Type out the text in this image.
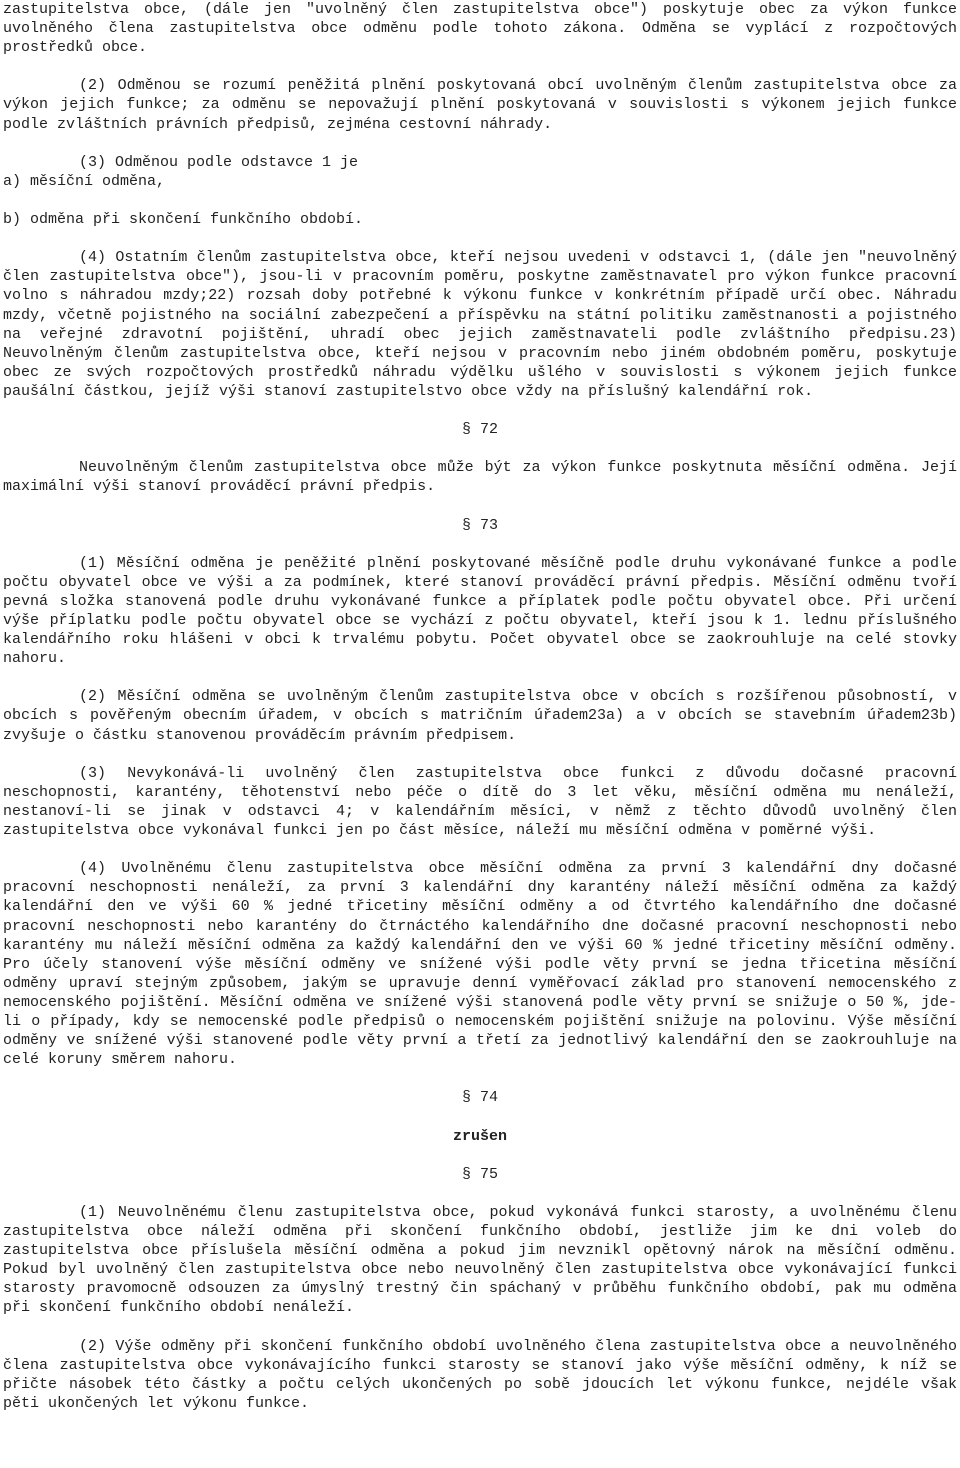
zastupitelstva obce, (dále jen "uvolněný člen zastupitelstva obce") poskytuje obec za výkon funkce uvolněného člena zastupitelstva obce odměnu podle tohoto zákona. Odměna se vyplácí z rozpočtových prostředků obce.

(2) Odměnou se rozumí peněžitá plnění poskytovaná obcí uvolněným členům zastupitelstva obce za výkon jejich funkce; za odměnu se nepovažují plnění poskytovaná v souvislosti s výkonem jejich funkce podle zvláštních právních předpisů, zejména cestovní náhrady.

(3) Odměnou podle odstavce 1 je

a) měsíční odměna,

b) odměna při skončení funkčního období.

(4) Ostatním členům zastupitelstva obce, kteří nejsou uvedeni v odstavci 1, (dále jen "neuvolněný člen zastupitelstva obce"), jsou-li v pracovním poměru, poskytne zaměstnavatel pro výkon funkce pracovní volno s náhradou mzdy;22) rozsah doby potřebné k výkonu funkce v konkrétním případě určí obec. Náhradu mzdy, včetně pojistného na sociální zabezpečení a příspěvku na státní politiku zaměstnanosti a pojistného na veřejné zdravotní pojištění, uhradí obec jejich zaměstnavateli podle zvláštního předpisu.23) Neuvolněným členům zastupitelstva obce, kteří nejsou v pracovním nebo jiném obdobném poměru, poskytuje obec ze svých rozpočtových prostředků náhradu výdělku ušlého v souvislosti s výkonem jejich funkce paušální částkou, jejíž výši stanoví zastupitelstvo obce vždy na příslušný kalendářní rok.

§ 72

Neuvolněným členům zastupitelstva obce může být za výkon funkce poskytnuta měsíční odměna. Její maximální výši stanoví prováděcí právní předpis.

§ 73

(1) Měsíční odměna je peněžité plnění poskytované měsíčně podle druhu vykonávané funkce a podle počtu obyvatel obce ve výši a za podmínek, které stanoví prováděcí právní předpis. Měsíční odměnu tvoří pevná složka stanovená podle druhu vykonávané funkce a příplatek podle počtu obyvatel obce. Při určení výše příplatku podle počtu obyvatel obce se vychází z počtu obyvatel, kteří jsou k 1. lednu příslušného kalendářního roku hlášeni v obci k trvalému pobytu. Počet obyvatel obce se zaokrouhluje na celé stovky nahoru.

(2) Měsíční odměna se uvolněným členům zastupitelstva obce v obcích s rozšířenou působností, v obcích s pověřeným obecním úřadem, v obcích s matričním úřadem23a) a v obcích se stavebním úřadem23b) zvyšuje o částku stanovenou prováděcím právním předpisem.

(3) Nevykonává-li uvolněný člen zastupitelstva obce funkci z důvodu dočasné pracovní neschopnosti, karantény, těhotenství nebo péče o dítě do 3 let věku, měsíční odměna mu nenáleží, nestanoví-li se jinak v odstavci 4; v kalendářním měsíci, v němž z těchto důvodů uvolněný člen zastupitelstva obce vykonával funkci jen po část měsíce, náleží mu měsíční odměna v poměrné výši.

(4) Uvolněnému členu zastupitelstva obce měsíční odměna za první 3 kalendářní dny dočasné pracovní neschopnosti nenáleží, za první 3 kalendářní dny karantény náleží měsíční odměna za každý kalendářní den ve výši 60 % jedné třicetiny měsíční odměny a od čtvrtého kalendářního dne dočasné pracovní neschopnosti nebo karantény do čtrnáctého kalendářního dne dočasné pracovní neschopnosti nebo karantény mu náleží měsíční odměna za každý kalendářní den ve výši 60 % jedné třicetiny měsíční odměny. Pro účely stanovení výše měsíční odměny ve snížené výši podle věty první se jedna třicetina měsíční odměny upraví stejným způsobem, jakým se upravuje denní vyměřovací základ pro stanovení nemocenského z nemocenského pojištění. Měsíční odměna ve snížené výši stanovená podle věty první se snižuje o 50 %, jde-li o případy, kdy se nemocenské podle předpisů o nemocenském pojištění snižuje na polovinu. Výše měsíční odměny ve snížené výši stanovené podle věty první a třetí za jednotlivý kalendářní den se zaokrouhluje na celé koruny směrem nahoru.

§ 74
zrušen
§ 75

(1) Neuvolněnému členu zastupitelstva obce, pokud vykonává funkci starosty, a uvolněnému členu zastupitelstva obce náleží odměna při skončení funkčního období, jestliže jim ke dni voleb do zastupitelstva obce příslušela měsíční odměna a pokud jim nevznikl opětovný nárok na měsíční odměnu. Pokud byl uvolněný člen zastupitelstva obce nebo neuvolněný člen zastupitelstva obce vykonávající funkci starosty pravomocně odsouzen za úmyslný trestný čin spáchaný v průběhu funkčního období, pak mu odměna při skončení funkčního období nenáleží.

(2) Výše odměny při skončení funkčního období uvolněného člena zastupitelstva obce a neuvolněného člena zastupitelstva obce vykonávajícího funkci starosty se stanoví jako výše měsíční odměny, k níž se přičte násobek této částky a počtu celých ukončených po sobě jdoucích let výkonu funkce, nejdéle však pěti ukončených let výkonu funkce.
